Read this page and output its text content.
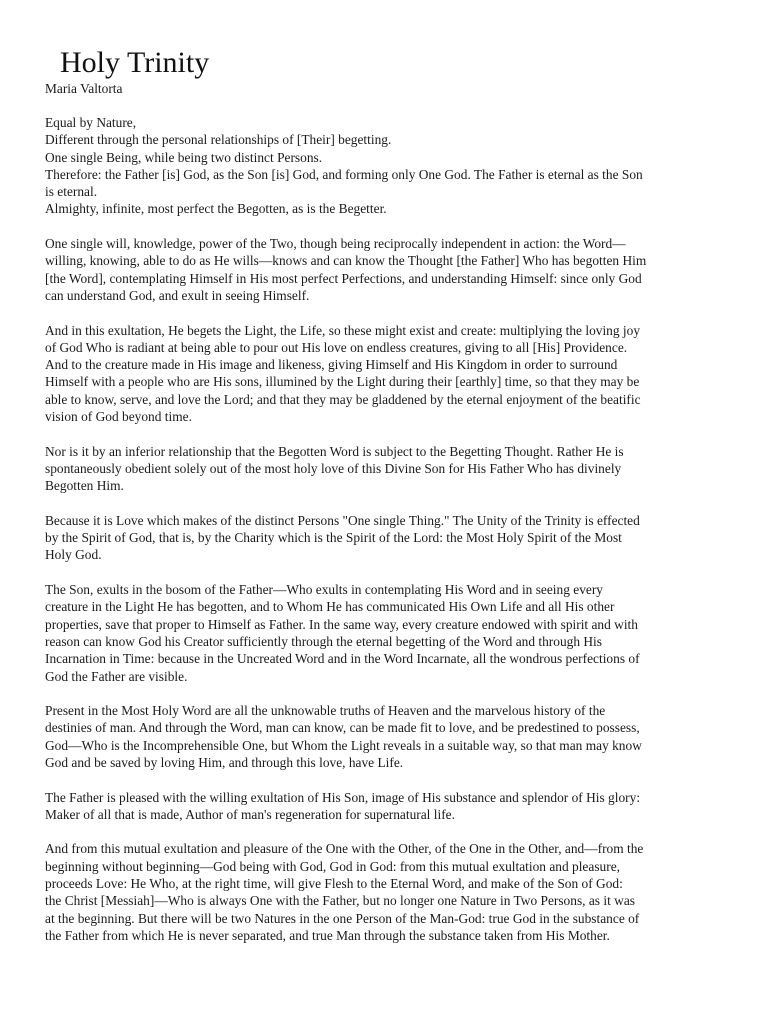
Holy Trinity
Maria Valtorta

Equal by Nature,
Different through the personal relationships of [Their] begetting.
One single Being, while being two distinct Persons.
Therefore: the Father [is] God, as the Son [is] God, and forming only One God. The Father is eternal as the Son
is eternal.
Almighty, infinite, most perfect the Begotten, as is the Begetter.

One single will, knowledge, power of the Two, though being reciprocally independent in action: the Word—
willing, knowing, able to do as He wills—knows and can know the Thought [the Father] Who has begotten Him
[the Word], contemplating Himself in His most perfect Perfections, and understanding Himself: since only God
can understand God, and exult in seeing Himself.

And in this exultation, He begets the Light, the Life, so these might exist and create: multiplying the loving joy
of God Who is radiant at being able to pour out His love on endless creatures, giving to all [His] Providence.
And to the creature made in His image and likeness, giving Himself and His Kingdom in order to surround
Himself with a people who are His sons, illumined by the Light during their [earthly] time, so that they may be
able to know, serve, and love the Lord; and that they may be gladdened by the eternal enjoyment of the beatific
vision of God beyond time.

Nor is it by an inferior relationship that the Begotten Word is subject to the Begetting Thought. Rather He is
spontaneously obedient solely out of the most holy love of this Divine Son for His Father Who has divinely
Begotten Him.

Because it is Love which makes of the distinct Persons "One single Thing." The Unity of the Trinity is effected
by the Spirit of God, that is, by the Charity which is the Spirit of the Lord: the Most Holy Spirit of the Most
Holy God.

The Son, exults in the bosom of the Father—Who exults in contemplating His Word and in seeing every
creature in the Light He has begotten, and to Whom He has communicated His Own Life and all His other
properties, save that proper to Himself as Father. In the same way, every creature endowed with spirit and with
reason can know God his Creator sufficiently through the eternal begetting of the Word and through His
Incarnation in Time: because in the Uncreated Word and in the Word Incarnate, all the wondrous perfections of
God the Father are visible.

Present in the Most Holy Word are all the unknowable truths of Heaven and the marvelous history of the
destinies of man. And through the Word, man can know, can be made fit to love, and be predestined to possess,
God—Who is the Incomprehensible One, but Whom the Light reveals in a suitable way, so that man may know
God and be saved by loving Him, and through this love, have Life.

The Father is pleased with the willing exultation of His Son, image of His substance and splendor of His glory:
Maker of all that is made, Author of man's regeneration for supernatural life.

And from this mutual exultation and pleasure of the One with the Other, of the One in the Other, and—from the
beginning without beginning—God being with God, God in God: from this mutual exultation and pleasure,
proceeds Love: He Who, at the right time, will give Flesh to the Eternal Word, and make of the Son of God:
the Christ [Messiah]—Who is always One with the Father, but no longer one Nature in Two Persons, as it was
at the beginning. But there will be two Natures in the one Person of the Man-God: true God in the substance of
the Father from which He is never separated, and true Man through the substance taken from His Mother.
